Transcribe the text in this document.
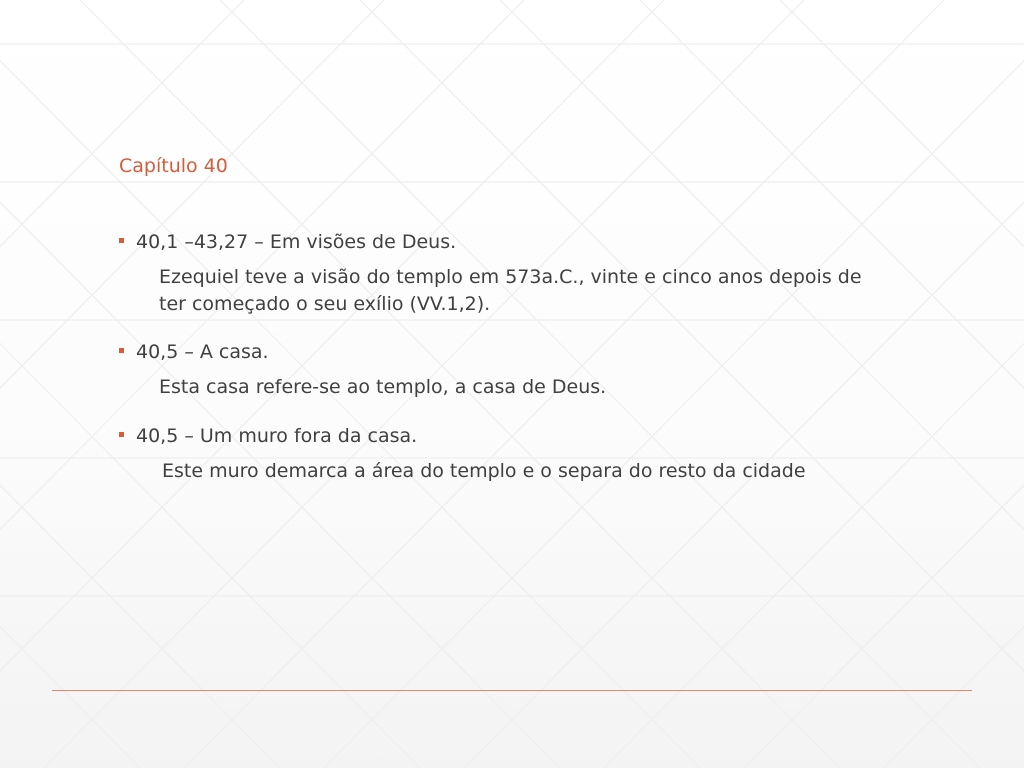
Capítulo 40
40,1 –43,27 – Em visões de Deus.
Ezequiel teve a visão do templo em 573a.C., vinte e cinco anos depois de
ter começado o seu exílio (VV.1,2).
40,5 – A casa.
Esta casa refere-se ao templo, a casa de Deus.
40,5 – Um muro fora da casa.
Este muro demarca a área do templo e o separa do resto da cidade
